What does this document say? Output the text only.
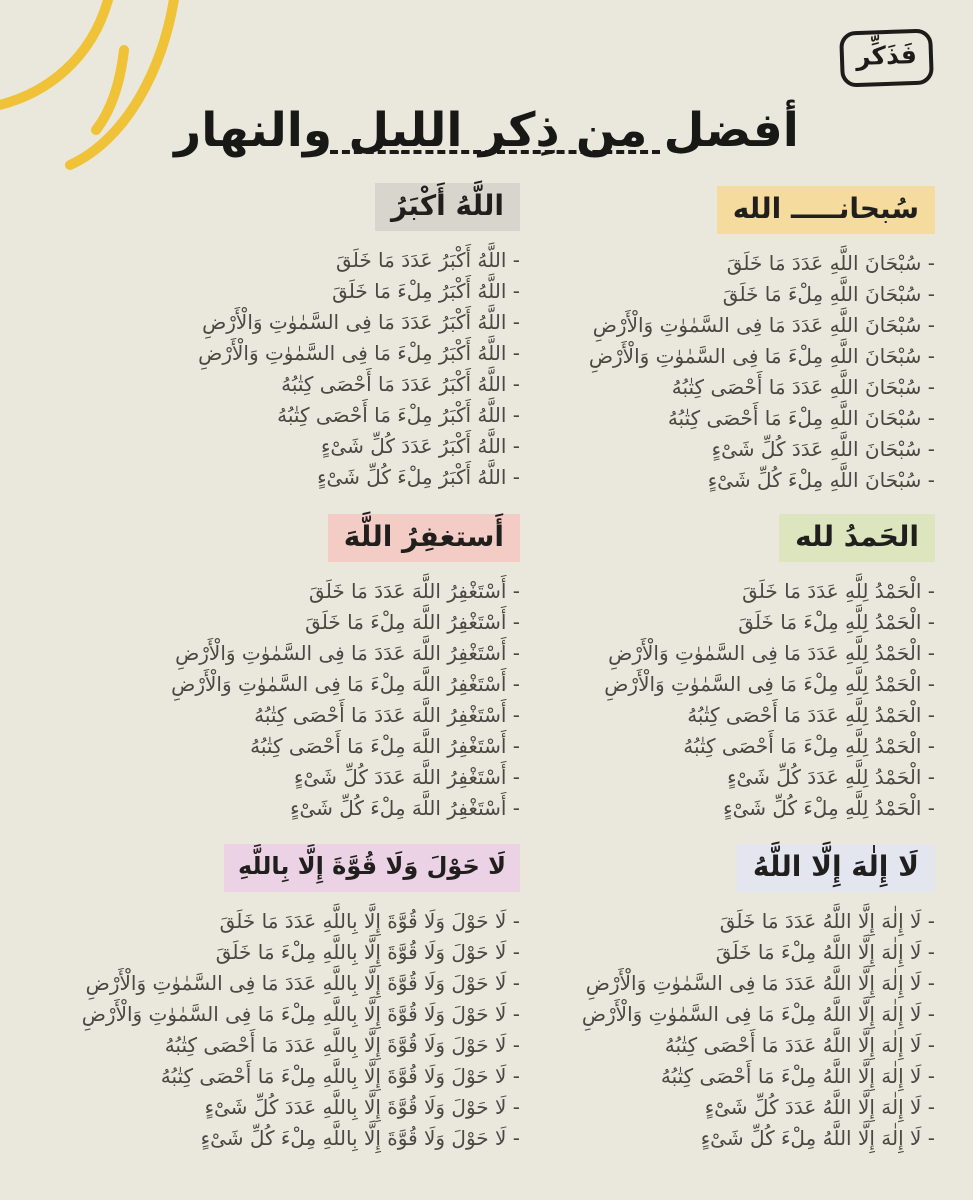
فَذَكِّر
أفضل من ذِكر الليل والنهار
سُبحانـــــ الله
- سُبْحَانَ اللَّهِ عَدَدَ مَا خَلَقَ
- سُبْحَانَ اللَّهِ مِلْءَ مَا خَلَقَ
- سُبْحَانَ اللَّهِ عَدَدَ مَا فِى السَّمٰوٰتِ وَالْأَرْضِ
- سُبْحَانَ اللَّهِ مِلْءَ مَا فِى السَّمٰوٰتِ وَالْأَرْضِ
- سُبْحَانَ اللَّهِ عَدَدَ مَا أَحْصَى كِتٰبُهُ
- سُبْحَانَ اللَّهِ مِلْءَ مَا أَحْصَى كِتٰبُهُ
- سُبْحَانَ اللَّهِ عَدَدَ كُلِّ شَىْءٍ
- سُبْحَانَ اللَّهِ مِلْءَ كُلِّ شَىْءٍ
اللَّهُ أَكْبَرُ
- اللَّهُ أَكْبَرُ عَدَدَ مَا خَلَقَ
- اللَّهُ أَكْبَرُ مِلْءَ مَا خَلَقَ
- اللَّهُ أَكْبَرُ عَدَدَ مَا فِى السَّمٰوٰتِ وَالْأَرْضِ
- اللَّهُ أَكْبَرُ مِلْءَ مَا فِى السَّمٰوٰتِ وَالْأَرْضِ
- اللَّهُ أَكْبَرُ عَدَدَ مَا أَحْصَى كِتٰبُهُ
- اللَّهُ أَكْبَرُ مِلْءَ مَا أَحْصَى كِتٰبُهُ
- اللَّهُ أَكْبَرُ عَدَدَ كُلِّ شَىْءٍ
- اللَّهُ أَكْبَرُ مِلْءَ كُلِّ شَىْءٍ
الحَمدُ لله
- الْحَمْدُ لِلَّهِ عَدَدَ مَا خَلَقَ
- الْحَمْدُ لِلَّهِ مِلْءَ مَا خَلَقَ
- الْحَمْدُ لِلَّهِ عَدَدَ مَا فِى السَّمٰوٰتِ وَالْأَرْضِ
- الْحَمْدُ لِلَّهِ مِلْءَ مَا فِى السَّمٰوٰتِ وَالْأَرْضِ
- الْحَمْدُ لِلَّهِ عَدَدَ مَا أَحْصَى كِتٰبُهُ
- الْحَمْدُ لِلَّهِ مِلْءَ مَا أَحْصَى كِتٰبُهُ
- الْحَمْدُ لِلَّهِ عَدَدَ كُلِّ شَىْءٍ
- الْحَمْدُ لِلَّهِ مِلْءَ كُلِّ شَىْءٍ
أَستغفِرُ اللَّهَ
- أَسْتَغْفِرُ اللَّهَ عَدَدَ مَا خَلَقَ
- أَسْتَغْفِرُ اللَّهَ مِلْءَ مَا خَلَقَ
- أَسْتَغْفِرُ اللَّهَ عَدَدَ مَا فِى السَّمٰوٰتِ وَالْأَرْضِ
- أَسْتَغْفِرُ اللَّهَ مِلْءَ مَا فِى السَّمٰوٰتِ وَالْأَرْضِ
- أَسْتَغْفِرُ اللَّهَ عَدَدَ مَا أَحْصَى كِتٰبُهُ
- أَسْتَغْفِرُ اللَّهَ مِلْءَ مَا أَحْصَى كِتٰبُهُ
- أَسْتَغْفِرُ اللَّهَ عَدَدَ كُلِّ شَىْءٍ
- أَسْتَغْفِرُ اللَّهَ مِلْءَ كُلِّ شَىْءٍ
لَا إِلٰهَ إِلَّا اللَّهُ
- لَا إِلٰهَ إِلَّا اللَّهُ عَدَدَ مَا خَلَقَ
- لَا إِلٰهَ إِلَّا اللَّهُ مِلْءَ مَا خَلَقَ
- لَا إِلٰهَ إِلَّا اللَّهُ عَدَدَ مَا فِى السَّمٰوٰتِ وَالْأَرْضِ
- لَا إِلٰهَ إِلَّا اللَّهُ مِلْءَ مَا فِى السَّمٰوٰتِ وَالْأَرْضِ
- لَا إِلٰهَ إِلَّا اللَّهُ عَدَدَ مَا أَحْصَى كِتٰبُهُ
- لَا إِلٰهَ إِلَّا اللَّهُ مِلْءَ مَا أَحْصَى كِتٰبُهُ
- لَا إِلٰهَ إِلَّا اللَّهُ عَدَدَ كُلِّ شَىْءٍ
- لَا إِلٰهَ إِلَّا اللَّهُ مِلْءَ كُلِّ شَىْءٍ
لَا حَوْلَ وَلَا قُوَّةَ إِلَّا بِاللَّهِ
- لَا حَوْلَ وَلَا قُوَّةَ إِلَّا بِاللَّهِ عَدَدَ مَا خَلَقَ
- لَا حَوْلَ وَلَا قُوَّةَ إِلَّا بِاللَّهِ مِلْءَ مَا خَلَقَ
- لَا حَوْلَ وَلَا قُوَّةَ إِلَّا بِاللَّهِ عَدَدَ مَا فِى السَّمٰوٰتِ وَالْأَرْضِ
- لَا حَوْلَ وَلَا قُوَّةَ إِلَّا بِاللَّهِ مِلْءَ مَا فِى السَّمٰوٰتِ وَالْأَرْضِ
- لَا حَوْلَ وَلَا قُوَّةَ إِلَّا بِاللَّهِ عَدَدَ مَا أَحْصَى كِتٰبُهُ
- لَا حَوْلَ وَلَا قُوَّةَ إِلَّا بِاللَّهِ مِلْءَ مَا أَحْصَى كِتٰبُهُ
- لَا حَوْلَ وَلَا قُوَّةَ إِلَّا بِاللَّهِ عَدَدَ كُلِّ شَىْءٍ
- لَا حَوْلَ وَلَا قُوَّةَ إِلَّا بِاللَّهِ مِلْءَ كُلِّ شَىْءٍ
